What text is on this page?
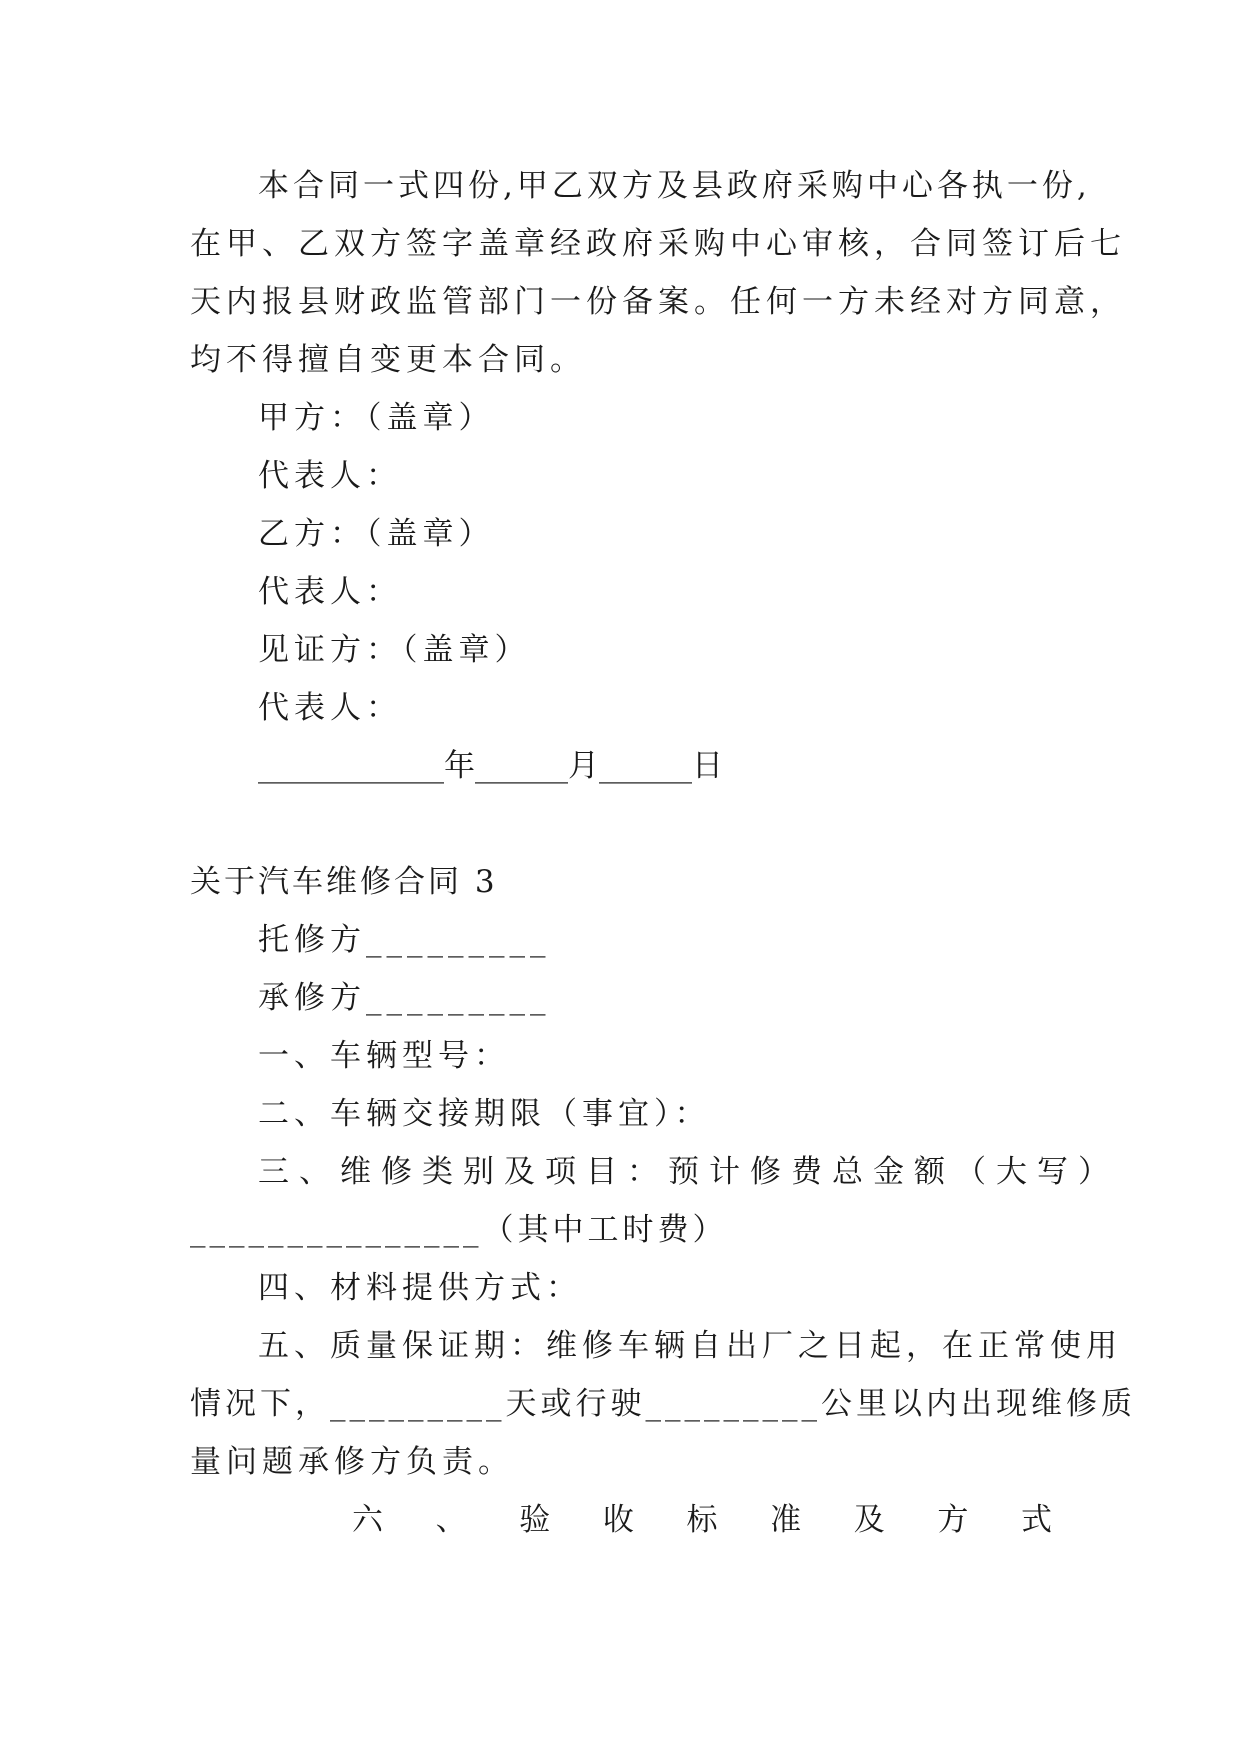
本合同一式四份,甲乙双方及县政府采购中心各执一份,
在甲、乙双方签字盖章经政府采购中心审核，合同签订后七
天内报县财政监管部门一份备案。任何一方未经对方同意，
均不得擅自变更本合同。
甲方：（盖章）
代表人：
乙方：（盖章）
代表人：
见证方：（盖章）
代表人：
____________年______月______日
关于汽车维修合同 3
托修方_________
承修方_________
一、车辆型号：
二、车辆交接期限（事宜）：
三、维修类别及项目：预计修费总金额（大写）
_______________（其中工时费）
四、材料提供方式：
五、质量保证期：维修车辆自出厂之日起，在正常使用
情况下，_________天或行驶_________公里以内出现维修质
量问题承修方负责。
六 、 验 收 标 准 及 方 式
